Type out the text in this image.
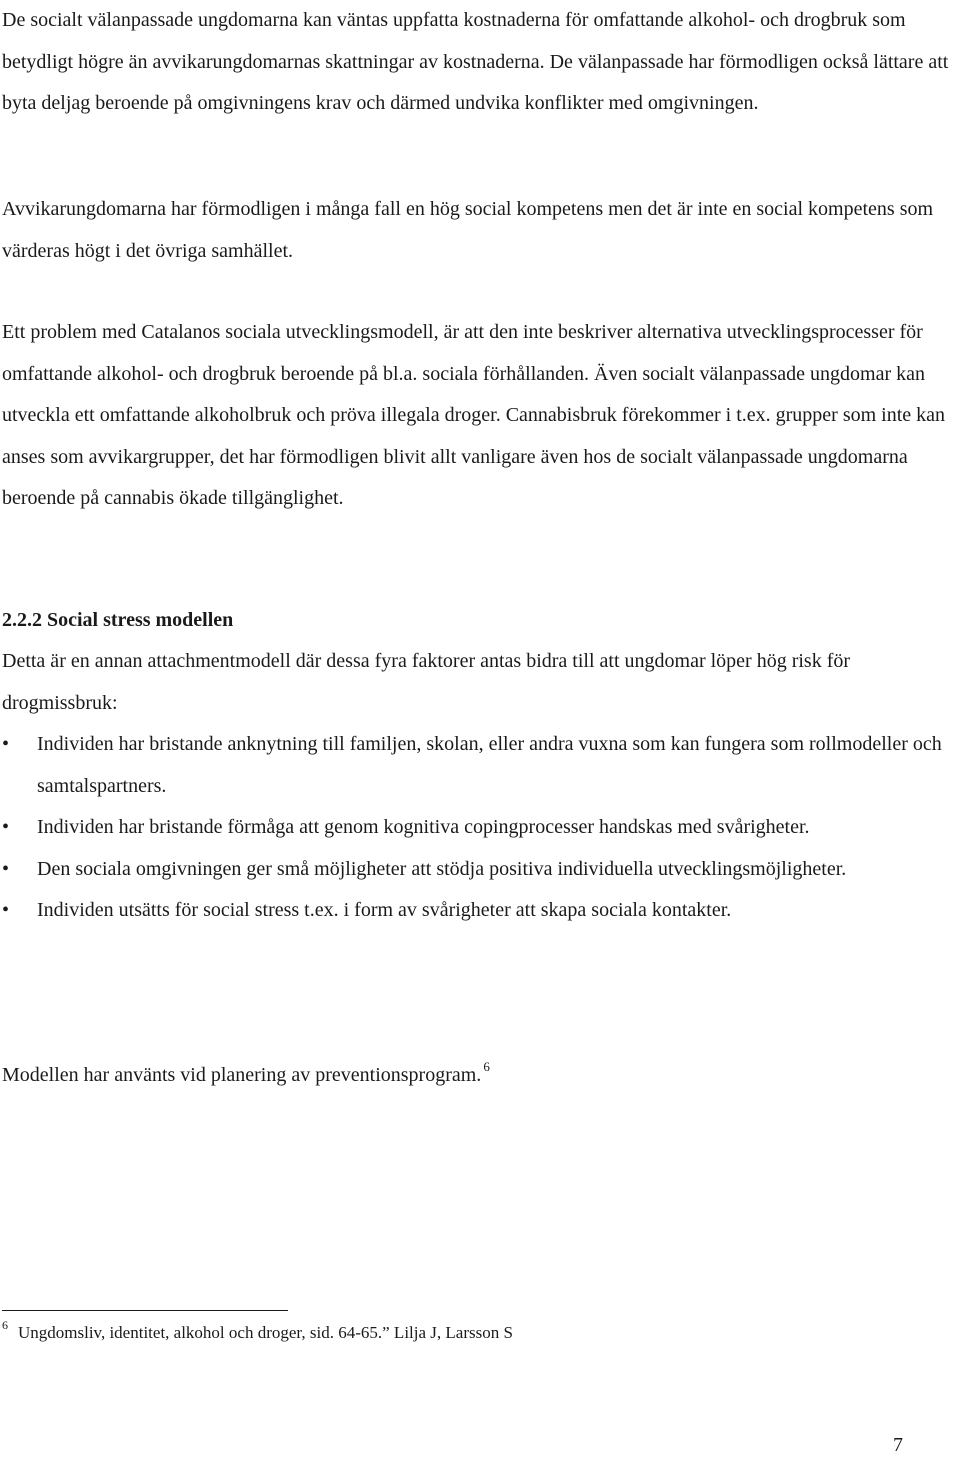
De socialt välanpassade ungdomarna kan väntas uppfatta kostnaderna för omfattande alkohol- och drogbruk som betydligt högre än avvikarungdomarnas skattningar av kostnaderna. De välanpassade har förmodligen också lättare att byta deljag beroende på omgivningens krav och därmed undvika konflikter med omgivningen.

Avvikarungdomarna har förmodligen i många fall en hög social kompetens men det är inte en social kompetens som värderas högt i det övriga samhället.

Ett problem med Catalanos sociala utvecklingsmodell, är att den inte beskriver alternativa utvecklingsprocesser för omfattande alkohol- och drogbruk beroende på bl.a. sociala förhållanden. Även socialt välanpassade ungdomar kan utveckla ett omfattande alkoholbruk och pröva illegala droger. Cannabisbruk förekommer i t.ex. grupper som inte kan anses som avvikargrupper, det har förmodligen blivit allt vanligare även hos de socialt välanpassade ungdomarna beroende på cannabis ökade tillgänglighet.

2.2.2 Social stress modellen

Detta är en annan attachmentmodell där dessa fyra faktorer antas bidra till att ungdomar löper hög risk för drogmissbruk:

•	Individen har bristande anknytning till familjen, skolan, eller andra vuxna som kan fungera som rollmodeller och samtalspartners.
•	Individen har bristande förmåga att genom kognitiva copingprocesser handskas med svårigheter.
•	Den sociala omgivningen ger små möjligheter att stödja positiva individuella utvecklingsmöjligheter.
•	Individen utsätts för social stress t.ex. i form av svårigheter att skapa sociala kontakter.

Modellen har använts vid planering av preventionsprogram. $^6$

$^6$ Ungdomsliv, identitet, alkohol och droger, sid. 64-65.” Lilja J, Larsson S

7
